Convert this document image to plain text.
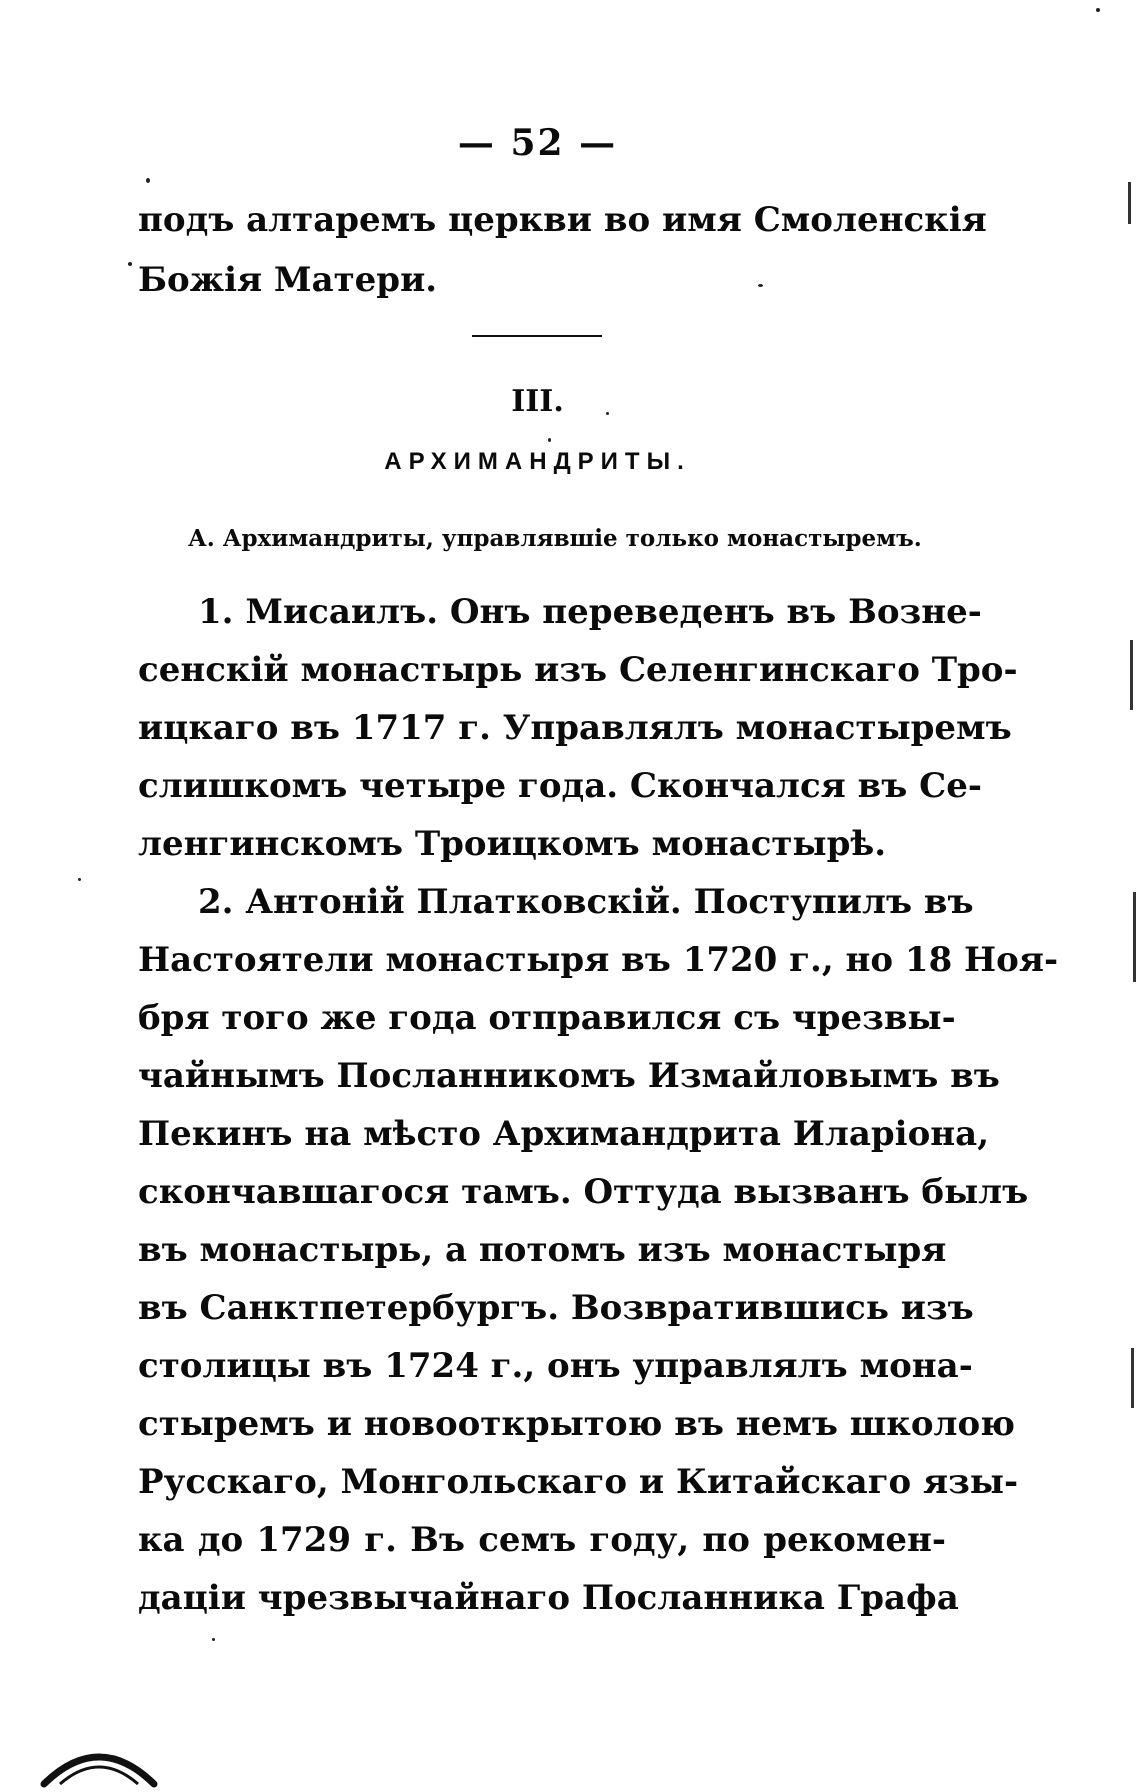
— 52 —
подъ алтаремъ церкви во имя Смоленскія
Божія Матери.
III.
АРХИМАНДРИТЫ.
А. Архимандриты, управлявшіе только монастыремъ.
1. Мисаилъ. Онъ переведенъ въ Возне-
сенскій монастырь изъ Селенгинскаго Тро-
ицкаго въ 1717 г. Управлялъ монастыремъ
слишкомъ четыре года. Скончался въ Се-
ленгинскомъ Троицкомъ монастырѣ.
2. Антоній Платковскій. Поступилъ въ
Настоятели монастыря въ 1720 г., но 18 Ноя-
бря того же года отправился съ чрезвы-
чайнымъ Посланникомъ Измайловымъ въ
Пекинъ на мѣсто Архимандрита Иларіона,
скончавшагося тамъ. Оттуда вызванъ былъ
въ монастырь, а потомъ изъ монастыря
въ Санктпетербургъ. Возвратившись изъ
столицы въ 1724 г., онъ управлялъ мона-
стыремъ и новооткрытою въ немъ школою
Русскаго, Монгольскаго и Китайскаго язы-
ка до 1729 г. Въ семъ году, по рекомен-
даціи чрезвычайнаго Посланника Графа
